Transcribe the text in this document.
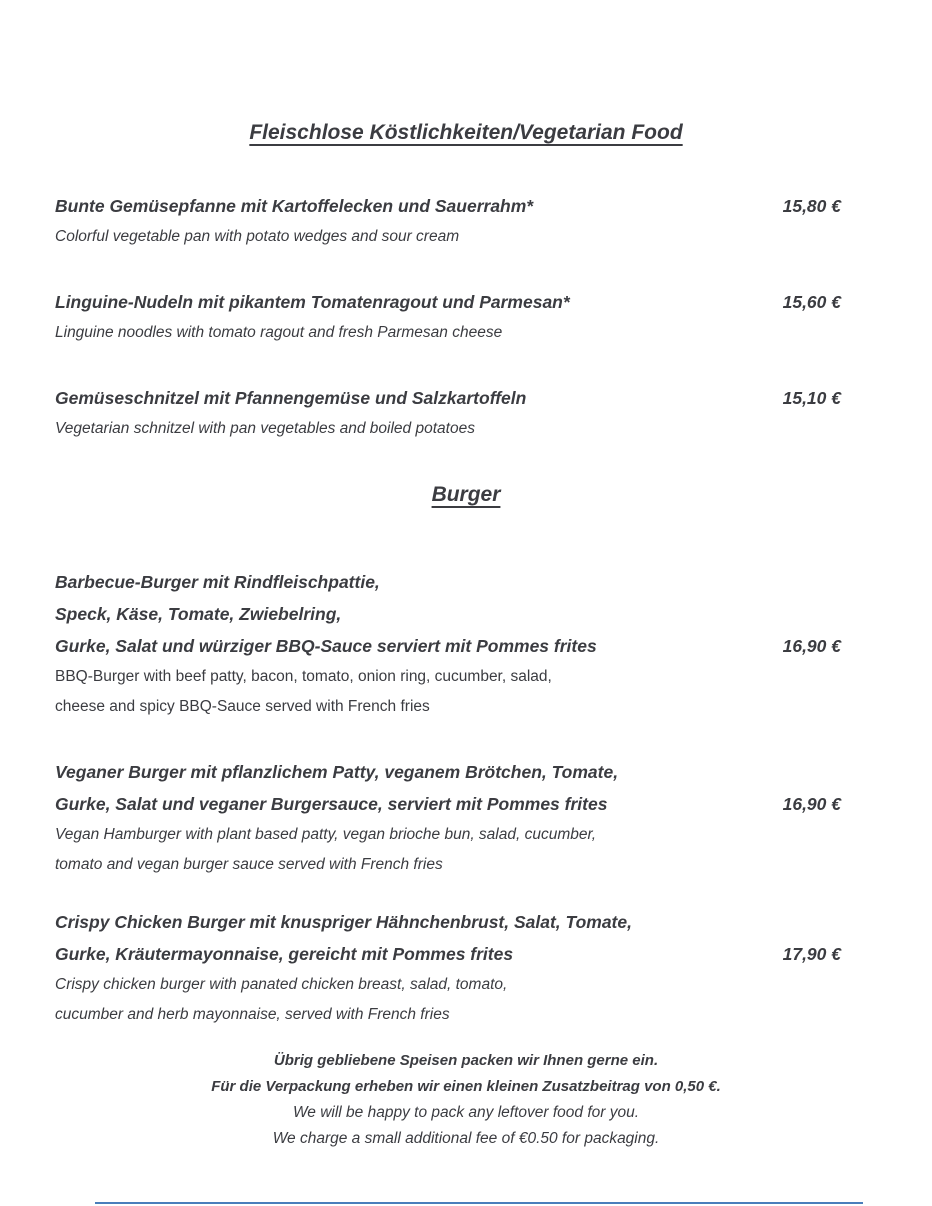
Fleischlose Köstlichkeiten/Vegetarian Food
Bunte Gemüsepfanne mit Kartoffelecken und Sauerrahm*	15,80 €
Colorful vegetable pan with potato wedges and sour cream
Linguine-Nudeln mit pikantem Tomatenragout und Parmesan*	15,60 €
Linguine noodles with tomato ragout and fresh Parmesan cheese
Gemüseschnitzel mit Pfannengemüse und Salzkartoffeln	15,10 €
Vegetarian schnitzel with pan vegetables and boiled potatoes
Burger
Barbecue-Burger mit Rindfleischpattie,
Speck, Käse, Tomate, Zwiebelring,
Gurke, Salat und würziger BBQ-Sauce serviert mit Pommes frites	16,90 €
BBQ-Burger with beef patty, bacon, tomato, onion ring, cucumber, salad,
cheese and spicy BBQ-Sauce served with French fries
Veganer Burger mit pflanzlichem Patty, veganem Brötchen, Tomate,
Gurke, Salat und veganer Burgersauce, serviert mit Pommes frites	16,90 €
Vegan Hamburger with plant based patty, vegan brioche bun, salad, cucumber,
tomato and vegan burger sauce served with French fries
Crispy Chicken Burger mit knuspriger Hähnchenbrust, Salat, Tomate,
Gurke, Kräutermayonnaise, gereicht mit Pommes frites	17,90 €
Crispy chicken burger with panated chicken breast, salad, tomato,
cucumber and herb mayonnaise, served with French fries
Übrig gebliebene Speisen packen wir Ihnen gerne ein.
Für die Verpackung erheben wir einen kleinen Zusatzbeitrag von 0,50 €.
We will be happy to pack any leftover food for you.
We charge a small additional fee of €0.50 for packaging.
